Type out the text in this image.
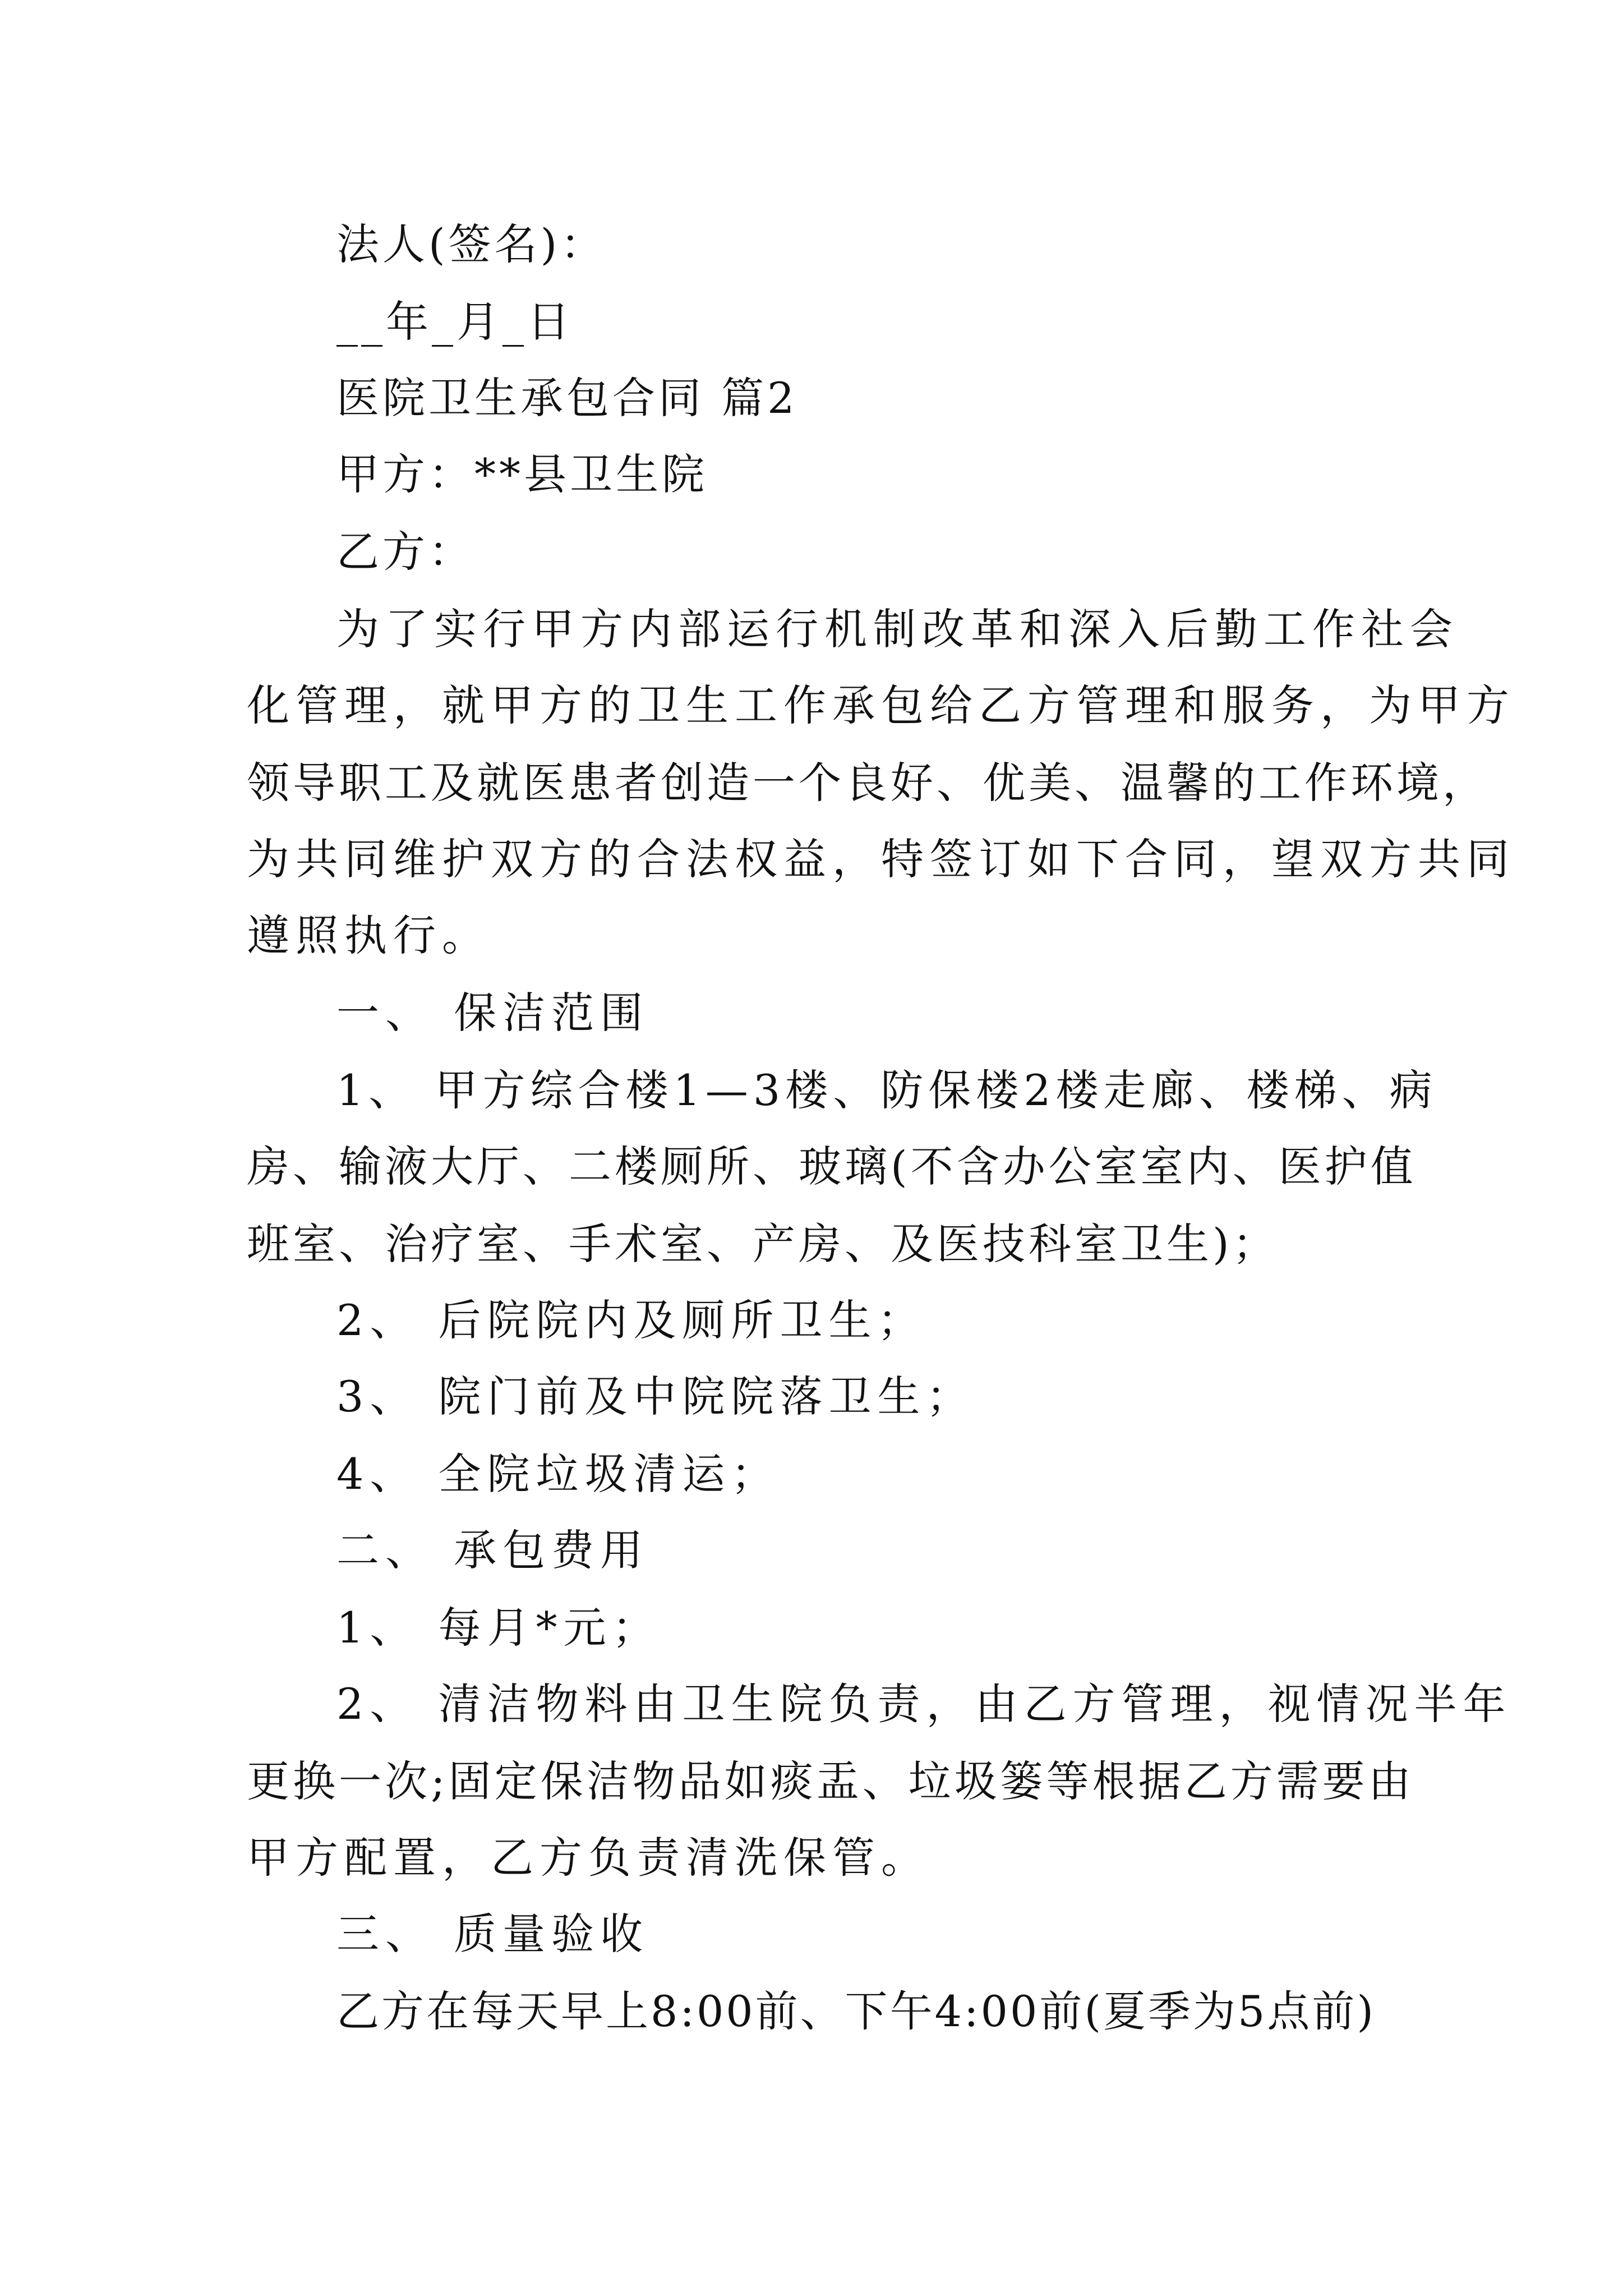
法人(签名)：
__年_月_日
医院卫生承包合同 篇2
甲方：**县卫生院
乙方：
为了实行甲方内部运行机制改革和深入后勤工作社会
化管理，就甲方的卫生工作承包给乙方管理和服务，为甲方
领导职工及就医患者创造一个良好、优美、温馨的工作环境，
为共同维护双方的合法权益，特签订如下合同，望双方共同
遵照执行。
一、 保洁范围
1、 甲方综合楼1—3楼、防保楼2楼走廊、楼梯、病
房、输液大厅、二楼厕所、玻璃(不含办公室室内、医护值
班室、治疗室、手术室、产房、及医技科室卫生)；
2、 后院院内及厕所卫生；
3、 院门前及中院院落卫生；
4、 全院垃圾清运；
二、 承包费用
1、 每月*元；
2、 清洁物料由卫生院负责，由乙方管理，视情况半年
更换一次;固定保洁物品如痰盂、垃圾篓等根据乙方需要由
甲方配置，乙方负责清洗保管。
三、 质量验收
乙方在每天早上8:00前、下午4:00前(夏季为5点前)
